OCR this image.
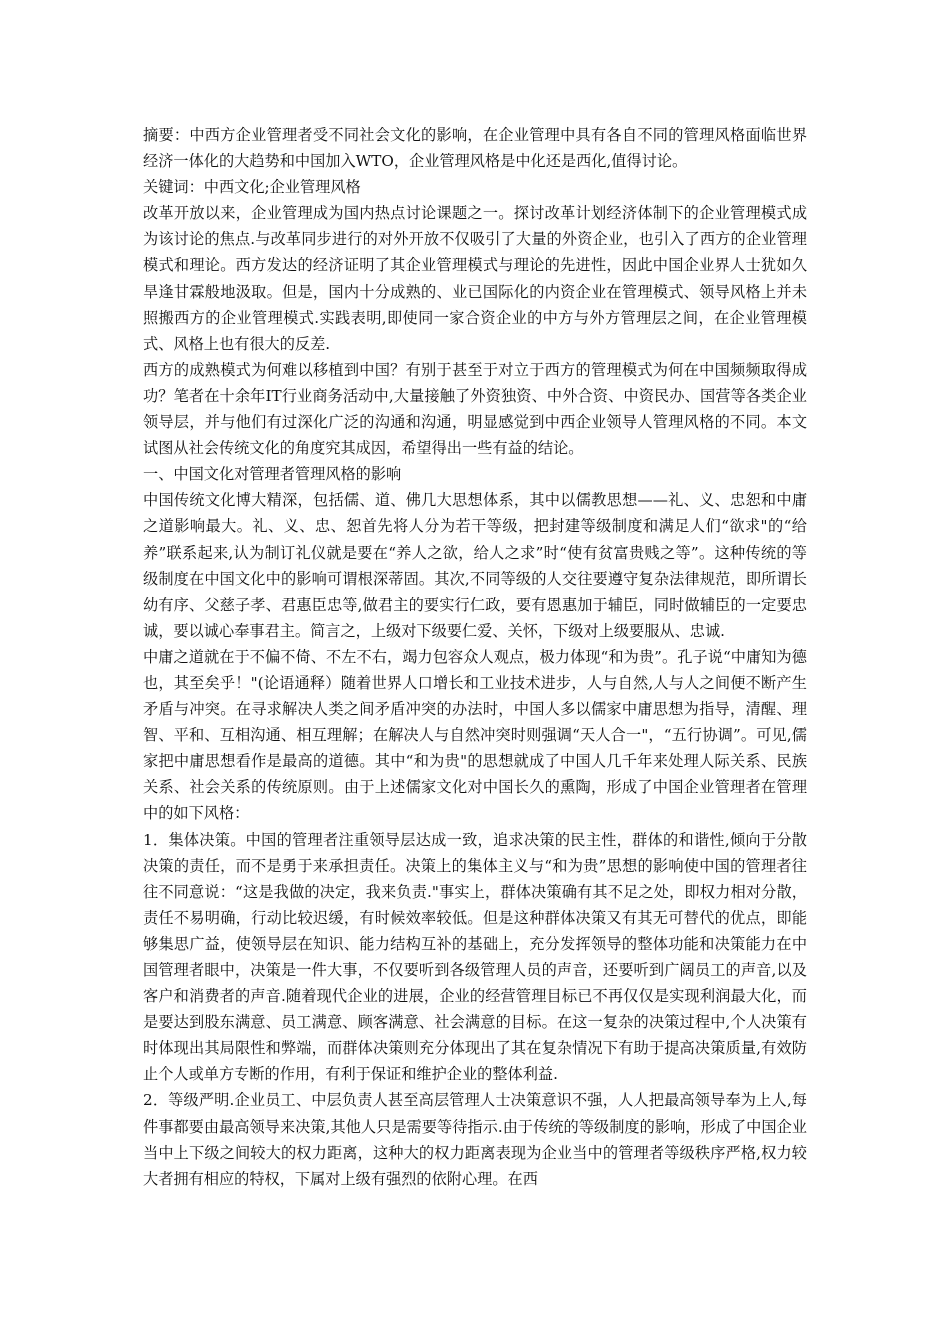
摘要：中西方企业管理者受不同社会文化的影响，在企业管理中具有各自不同的管理风格面临世界经济一体化的大趋势和中国加入WTO，企业管理风格是中化还是西化,值得讨论。

关键词：中西文化;企业管理风格

改革开放以来，企业管理成为国内热点讨论课题之一。探讨改革计划经济体制下的企业管理模式成为该讨论的焦点.与改革同步进行的对外开放不仅吸引了大量的外资企业，也引入了西方的企业管理模式和理论。西方发达的经济证明了其企业管理模式与理论的先进性，因此中国企业界人士犹如久旱逢甘霖般地汲取。但是，国内十分成熟的、业已国际化的内资企业在管理模式、领导风格上并未照搬西方的企业管理模式.实践表明,即使同一家合资企业的中方与外方管理层之间，在企业管理模式、风格上也有很大的反差.

西方的成熟模式为何难以移植到中国？有别于甚至于对立于西方的管理模式为何在中国频频取得成功？笔者在十余年IT行业商务活动中,大量接触了外资独资、中外合资、中资民办、国营等各类企业领导层，并与他们有过深化广泛的沟通和沟通，明显感觉到中西企业领导人管理风格的不同。本文试图从社会传统文化的角度究其成因，希望得出一些有益的结论。

一、中国文化对管理者管理风格的影响

中国传统文化博大精深，包括儒、道、佛几大思想体系，其中以儒教思想——礼、义、忠恕和中庸之道影响最大。礼、义、忠、恕首先将人分为若干等级，把封建等级制度和满足人们“欲求"的“给养”联系起来,认为制订礼仪就是要在“养人之欲，给人之求”时“使有贫富贵贱之等”。这种传统的等级制度在中国文化中的影响可谓根深蒂固。其次,不同等级的人交往要遵守复杂法律规范，即所谓长幼有序、父慈子孝、君惠臣忠等,做君主的要实行仁政，要有恩惠加于辅臣，同时做辅臣的一定要忠诚，要以诚心奉事君主。简言之，上级对下级要仁爱、关怀，下级对上级要服从、忠诚.

中庸之道就在于不偏不倚、不左不右，竭力包容众人观点，极力体现“和为贵”。孔子说“中庸知为德也，其至矣乎！"(论语通释）随着世界人口增长和工业技术进步，人与自然,人与人之间便不断产生矛盾与冲突。在寻求解决人类之间矛盾冲突的办法时，中国人多以儒家中庸思想为指导，清醒、理智、平和、互相沟通、相互理解；在解决人与自然冲突时则强调“天人合一"，“五行协调”。可见,儒家把中庸思想看作是最高的道德。其中“和为贵"的思想就成了中国人几千年来处理人际关系、民族关系、社会关系的传统原则。由于上述儒家文化对中国长久的熏陶，形成了中国企业管理者在管理中的如下风格：

1．集体决策。中国的管理者注重领导层达成一致，追求决策的民主性，群体的和谐性,倾向于分散决策的责任，而不是勇于来承担责任。决策上的集体主义与“和为贵”思想的影响使中国的管理者往往不同意说：“这是我做的决定，我来负责."事实上，群体决策确有其不足之处，即权力相对分散，责任不易明确，行动比较迟缓，有时候效率较低。但是这种群体决策又有其无可替代的优点，即能够集思广益，使领导层在知识、能力结构互补的基础上，充分发挥领导的整体功能和决策能力在中国管理者眼中，决策是一件大事，不仅要听到各级管理人员的声音，还要听到广阔员工的声音,以及客户和消费者的声音.随着现代企业的进展，企业的经营管理目标已不再仅仅是实现利润最大化，而是要达到股东满意、员工满意、顾客满意、社会满意的目标。在这一复杂的决策过程中,个人决策有时体现出其局限性和弊端，而群体决策则充分体现出了其在复杂情况下有助于提高决策质量,有效防止个人或单方专断的作用，有利于保证和维护企业的整体利益.

2．等级严明.企业员工、中层负责人甚至高层管理人士决策意识不强，人人把最高领导奉为上人,每件事都要由最高领导来决策,其他人只是需要等待指示.由于传统的等级制度的影响，形成了中国企业当中上下级之间较大的权力距离，这种大的权力距离表现为企业当中的管理者等级秩序严格,权力较大者拥有相应的特权，下属对上级有强烈的依附心理。在西
